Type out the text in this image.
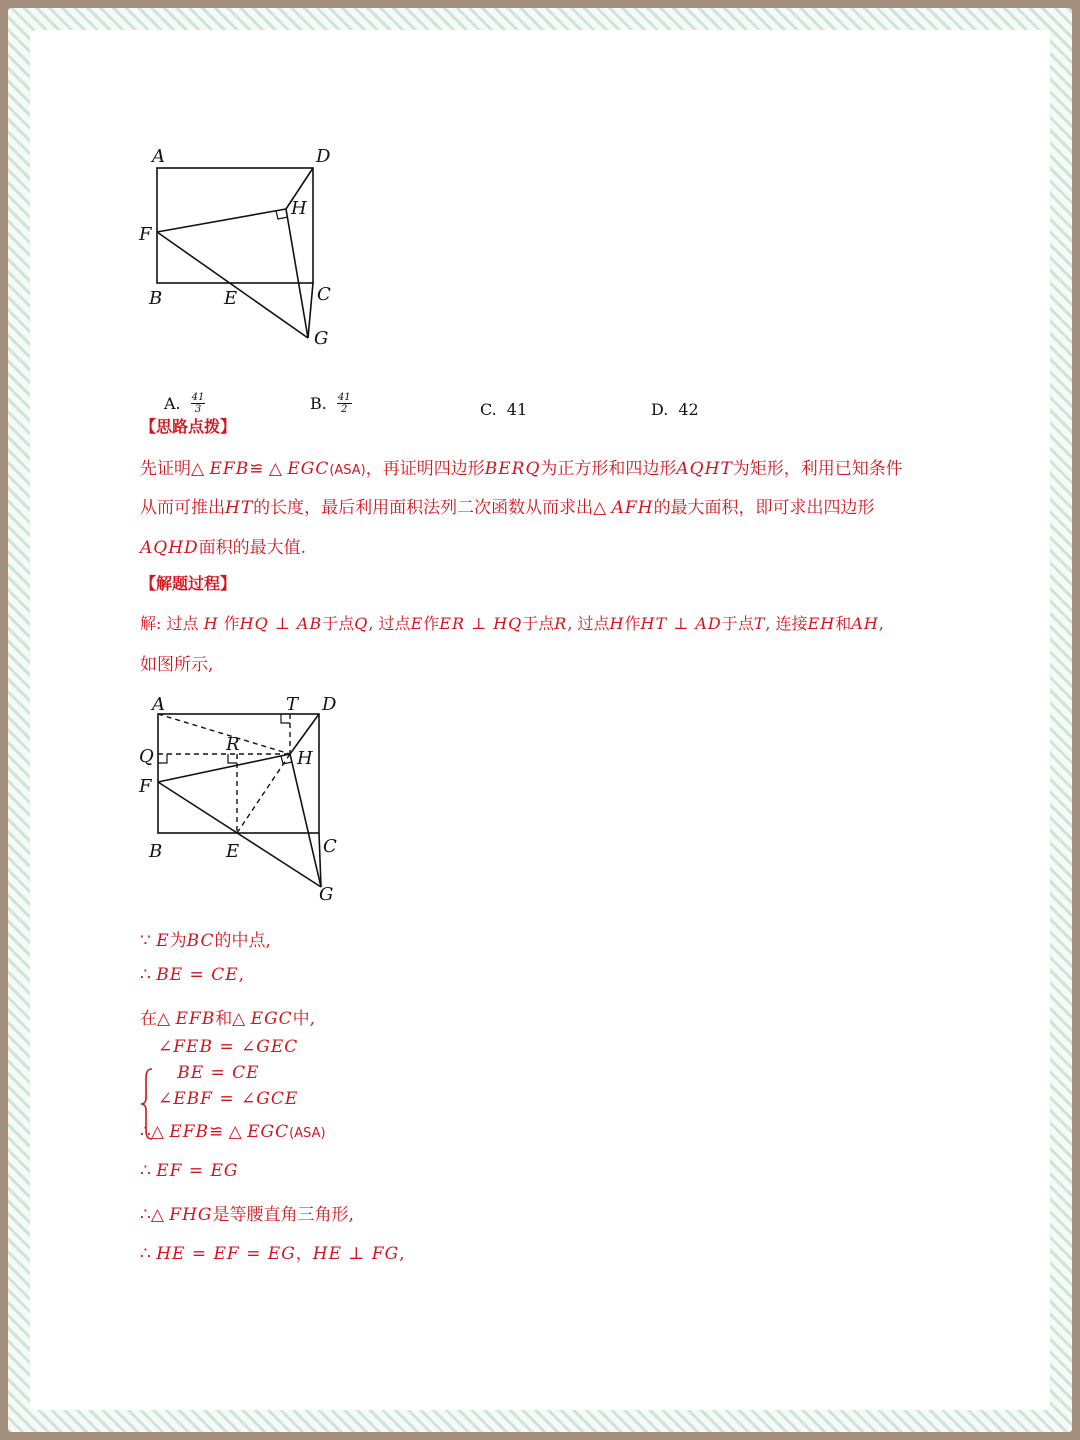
A	D
H
F
B	E	C
G
A. $\frac{41}{3}$	B. $\frac{41}{2}$	C. 41	D. 42
【思路点拨】
先证明△ EFB≌ △ EGC(ASA)，再证明四边形BERQ为正方形和四边形AQHT为矩形，利用已知条件
从而可推出HT的长度，最后利用面积法列二次函数从而求出△ AFH的最大面积，即可求出四边形
AQHD面积的最大值.
【解题过程】
解: 过点 H 作HQ ⊥ AB于点Q, 过点E作ER ⊥ HQ于点R, 过点H作HT ⊥ AD于点T, 连接EH和AH,
如图所示,
A	T D
Q
R
H
F
B	E	C
G
∵ E为BC的中点,
∴ BE = CE,
在△ EFB和△ EGC中,
∠FEB = ∠GEC
BE = CE
∠EBF = ∠GCE
∴△ EFB≌ △ EGC(ASA)
∴ EF = EG
∴△ FHG是等腰直角三角形,
∴ HE = EF = EG，HE ⊥ FG,
